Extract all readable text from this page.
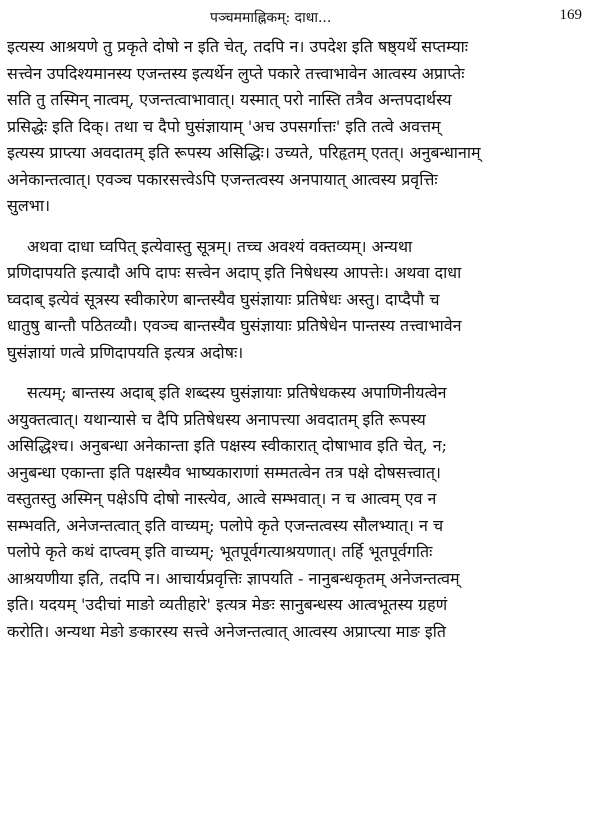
पञ्चममाह्निकम्: दाधा...	169
इत्यस्य आश्रयणे तु प्रकृते दोषो न इति चेत्, तदपि न। उपदेश इति षष्ठ्यर्थे सप्तम्याः
सत्त्वेन उपदिश्यमानस्य एजन्तस्य इत्यर्थेन लुप्ते पकारे तत्त्वाभावेन आत्वस्य अप्राप्तेः
सति तु तस्मिन् नात्वम्, एजन्तत्वाभावात्। यस्मात् परो नास्ति तत्रैव अन्तपदार्थस्य
प्रसिद्धेः इति दिक्। तथा च दैपो घुसंज्ञायाम् 'अच उपसर्गात्तः' इति तत्वे अवत्तम्
इत्यस्य प्राप्त्या अवदातम् इति रूपस्य असिद्धिः। उच्यते, परिहृतम् एतत्। अनुबन्धानाम्
अनेकान्तत्वात्। एवञ्च पकारसत्त्वेऽपि एजन्तत्वस्य अनपायात् आत्वस्य प्रवृत्तिः
सुलभा।
अथवा दाधा घ्वपित् इत्येवास्तु सूत्रम्। तच्च अवश्यं वक्तव्यम्। अन्यथा
प्रणिदापयति इत्यादौ अपि दापः सत्त्वेन अदाप् इति निषेधस्य आपत्तेः। अथवा दाधा
घ्वदाब् इत्येवं सूत्रस्य स्वीकारेण बान्तस्यैव घुसंज्ञायाः प्रतिषेधः अस्तु। दाप्दैपौ च
धातुषु बान्तौ पठितव्यौ। एवञ्च बान्तस्यैव घुसंज्ञायाः प्रतिषेधेन पान्तस्य तत्त्वाभावेन
घुसंज्ञायां णत्वे प्रणिदापयति इत्यत्र अदोषः।
सत्यम्; बान्तस्य अदाब् इति शब्दस्य घुसंज्ञायाः प्रतिषेधकस्य अपाणिनीयत्वेन
अयुक्तत्वात्। यथान्यासे च दैपि प्रतिषेधस्य अनापत्त्या अवदातम् इति रूपस्य
असिद्धिश्च। अनुबन्धा अनेकान्ता इति पक्षस्य स्वीकारात् दोषाभाव इति चेत्, न;
अनुबन्धा एकान्ता इति पक्षस्यैव भाष्यकाराणां सम्मतत्वेन तत्र पक्षे दोषसत्त्वात्।
वस्तुतस्तु अस्मिन् पक्षेऽपि दोषो नास्त्येव, आत्वे सम्भवात्। न च आत्वम् एव न
सम्भवति, अनेजन्तत्वात् इति वाच्यम्; पलोपे कृते एजन्तत्वस्य सौलभ्यात्। न च
पलोपे कृते कथं दाप्त्वम् इति वाच्यम्; भूतपूर्वगत्याश्रयणात्। तर्हि भूतपूर्वगतिः
आश्रयणीया इति, तदपि न। आचार्यप्रवृत्तिः ज्ञापयति - नानुबन्धकृतम् अनेजन्तत्वम्
इति। यदयम् 'उदीचां माङो व्यतीहारे' इत्यत्र मेङः सानुबन्धस्य आत्वभूतस्य ग्रहणं
करोति। अन्यथा मेङो ङकारस्य सत्त्वे अनेजन्तत्वात् आत्वस्य अप्राप्त्या माङ इति
